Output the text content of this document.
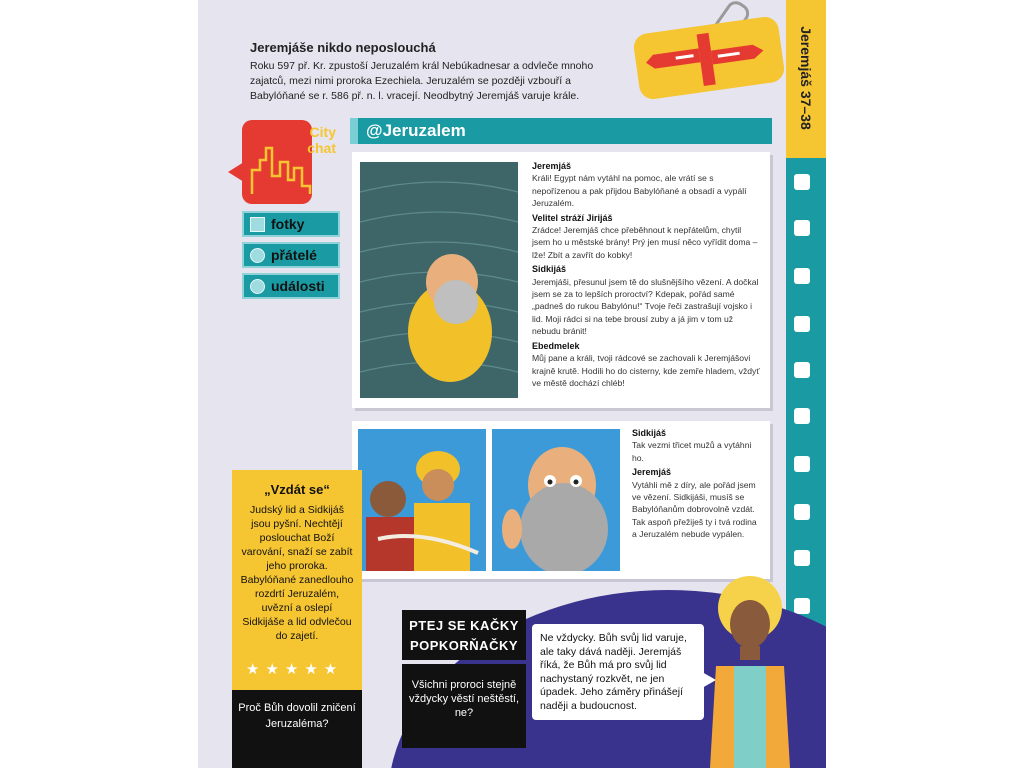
Jeremjáše nikdo neposlouchá
Roku 597 př. Kr. zpustoší Jeruzalém král Nebúkadnesar a odvleče mnoho zajatců, mezi nimi proroka Ezechiela. Jeruzalém se později vzbouří a Babylóňané se r. 586 př. n. l. vracejí. Neodbytný Jeremjáš varuje krále.	Jeremjáš 37–38
City
chat
fotky
přátelé
události
@Jeruzalem
Jeremjáš
Králi! Egypt nám vytáhl na pomoc, ale vrátí se s nepořízenou a pak přijdou Babylóňané a obsadí a vypálí Jeruzalém.
Velitel stráží Jirijáš
Zrádce! Jeremjáš chce přeběhnout k nepřátelům, chytil jsem ho u městské brány! Prý jen musí něco vyřídit doma – lže! Zbít a zavřít do kobky!
Sidkijáš
Jeremjáši, přesunul jsem tě do slušnějšího vězení. A dočkal jsem se za to lepších proroctví? Kdepak, pořád samé „padneš do rukou Babylónu!“ Tvoje řeči zastrašují vojsko i lid. Moji rádci si na tebe brousí zuby a já jim v tom už nebudu bránit!
Ebedmelek
Můj pane a králi, tvoji rádcové se zachovali k Jeremjášovi krajně krutě. Hodili ho do cisterny, kde zemře hladem, vždyť ve městě dochází chléb!
Sidkijáš
Tak vezmi třicet mužů a vytáhni ho.
Jeremjáš
Vytáhli mě z díry, ale pořád jsem ve vězení. Sidkijáši, musíš se Babylóňanům dobrovolně vzdát. Tak aspoň přežiješ ty i tvá rodina a Jeruzalém nebude vypálen.
„Vzdát se“
Judský lid a Sidkijáš jsou pyšní. Nechtějí poslouchat Boží varování, snaží se zabít jeho proroka. Babylóňané zanedlouho rozdrtí Jeruzalém, uvězní a oslepí Sidkijáše a lid odvlečou do zajetí.
★★★★★
Proč Bůh dovolil zničení Jeruzaléma?
PTEJ SE KAČKY POPKORŇAČKY
Všichni proroci stejně vždycky věstí neštěstí, ne?
Ne vždycky. Bůh svůj lid varuje, ale taky dává naději. Jeremjáš říká, že Bůh má pro svůj lid nachystaný rozkvět, ne jen úpadek. Jeho záměry přinášejí naději a budoucnost.
